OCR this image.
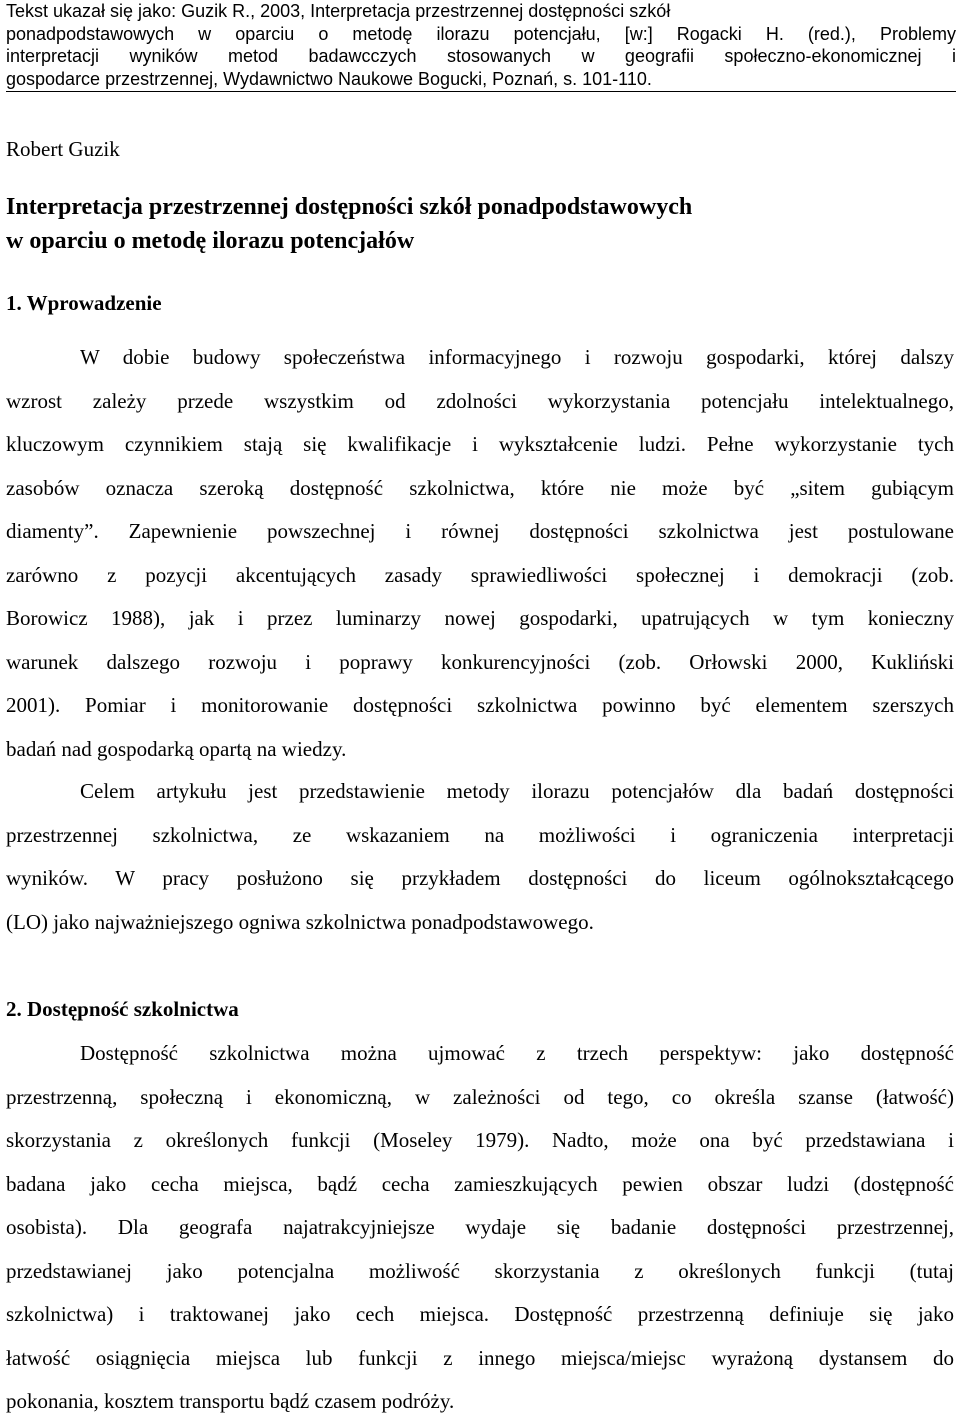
Tekst ukazał się jako: Guzik R., 2003, Interpretacja przestrzennej dostępności szkół
ponadpodstawowych w oparciu o metodę ilorazu potencjału, [w:] Rogacki H. (red.), Problemy
interpretacji wyników metod badawcczych stosowanych w geografii społeczno-ekonomicznej i
gospodarce przestrzennej, Wydawnictwo Naukowe Bogucki, Poznań, s. 101-110.
Robert Guzik
Interpretacja przestrzennej dostępności szkół ponadpodstawowych
w oparciu o metodę ilorazu potencjałów
1. Wprowadzenie
W dobie budowy społeczeństwa informacyjnego i rozwoju gospodarki, której dalszy
wzrost zależy przede wszystkim od zdolności wykorzystania potencjału intelektualnego,
kluczowym czynnikiem stają się kwalifikacje i wykształcenie ludzi. Pełne wykorzystanie tych
zasobów oznacza szeroką dostępność szkolnictwa, które nie może być „sitem gubiącym
diamenty”. Zapewnienie powszechnej i równej dostępności szkolnictwa jest postulowane
zarówno z pozycji akcentujących zasady sprawiedliwości społecznej i demokracji (zob.
Borowicz 1988), jak i przez luminarzy nowej gospodarki, upatrujących w tym konieczny
warunek dalszego rozwoju i poprawy konkurencyjności (zob. Orłowski 2000, Kukliński
2001). Pomiar i monitorowanie dostępności szkolnictwa powinno być elementem szerszych
badań nad gospodarką opartą na wiedzy.
Celem artykułu jest przedstawienie metody ilorazu potencjałów dla badań dostępności
przestrzennej szkolnictwa, ze wskazaniem na możliwości i ograniczenia interpretacji
wyników. W pracy posłużono się przykładem dostępności do liceum ogólnokształcącego
(LO) jako najważniejszego ogniwa szkolnictwa ponadpodstawowego.
2. Dostępność szkolnictwa
Dostępność szkolnictwa można ujmować z trzech perspektyw: jako dostępność
przestrzenną, społeczną i ekonomiczną, w zależności od tego, co określa szanse (łatwość)
skorzystania z określonych funkcji (Moseley 1979). Nadto, może ona być przedstawiana i
badana jako cecha miejsca, bądź cecha zamieszkujących pewien obszar ludzi (dostępność
osobista). Dla geografa najatrakcyjniejsze wydaje się badanie dostępności przestrzennej,
przedstawianej jako potencjalna możliwość skorzystania z określonych funkcji (tutaj
szkolnictwa) i traktowanej jako cech miejsca. Dostępność przestrzenną definiuje się jako
łatwość osiągnięcia miejsca lub funkcji z innego miejsca/miejsc wyrażoną dystansem do
pokonania, kosztem transportu bądź czasem podróży.
